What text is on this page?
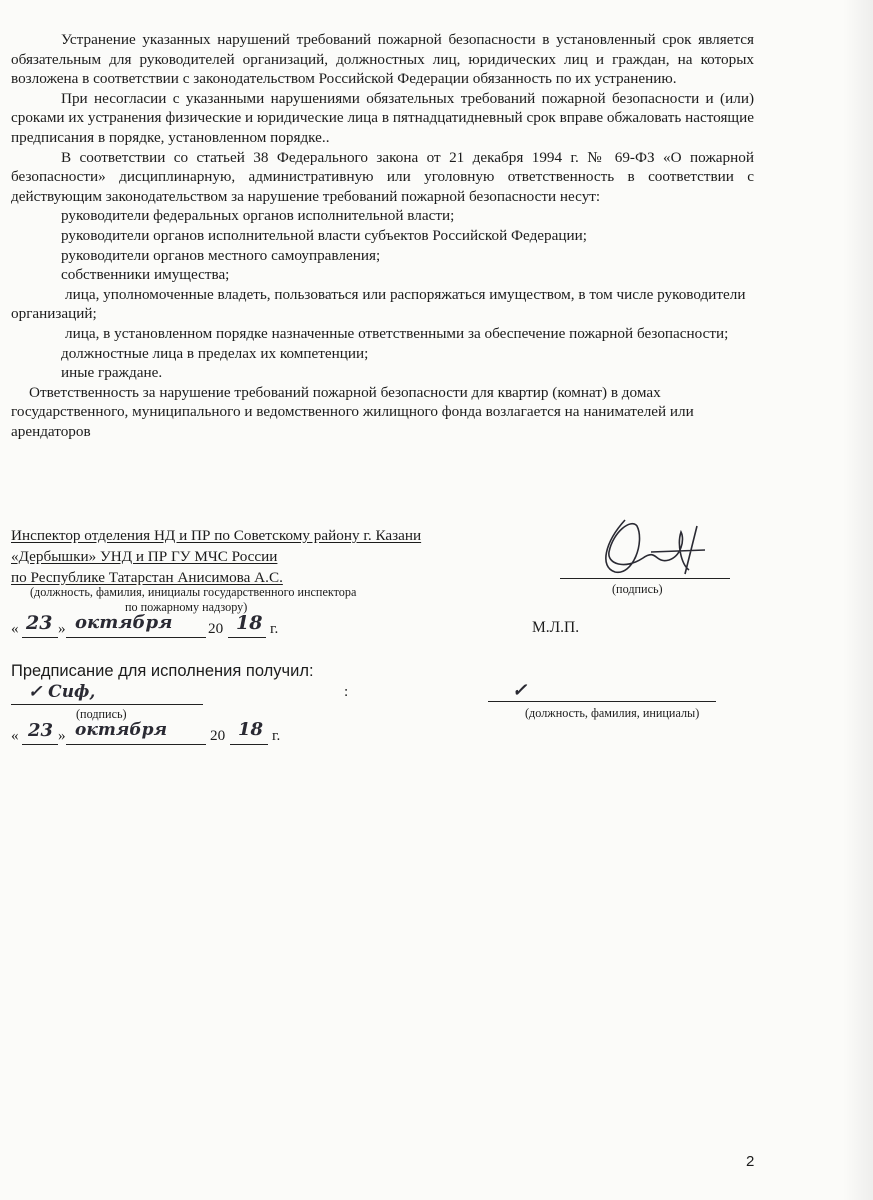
Устранение указанных нарушений требований пожарной безопасности в установленный срок является обязательным для руководителей организаций, должностных лиц, юридических лиц и граждан, на которых возложена в соответствии с законодательством Российской Федерации обязанность по их устранению.

При несогласии с указанными нарушениями обязательных требований пожарной безопасности и (или) сроками их устранения физические и юридические лица в пятнадцатидневный срок вправе обжаловать настоящие предписания в порядке, установленном порядке..

В соответствии со статьей 38 Федерального закона от 21 декабря 1994 г. № 69-ФЗ «О пожарной безопасности» дисциплинарную, административную или уголовную ответственность в соответствии с действующим законодательством за нарушение требований пожарной безопасности несут:

руководители федеральных органов исполнительной власти;

руководители органов исполнительной власти субъектов Российской Федерации;

руководители органов местного самоуправления;

собственники имущества;

лица, уполномоченные владеть, пользоваться или распоряжаться имуществом, в том числе руководители организаций;

лица, в установленном порядке назначенные ответственными за обеспечение пожарной безопасности;

должностные лица в пределах их компетенции;

иные граждане.

Ответственность за нарушение требований пожарной безопасности для квартир (комнат) в домах государственного, муниципального и ведомственного жилищного фонда возлагается на нанимателей или арендаторов

Инспектор отделения НД и ПР по Советскому району г. Казани
«Дербышки» УНД и ПР ГУ МЧС России
по Республике Татарстан Анисимова А.С.
(должность, фамилия, инициалы государственного инспектора
по пожарному надзору)
(подпись)
« 23 » октября 20 18 г.	М.Л.П.
Предписание для исполнения получил:
✓ Сиф,
(подпись)
:	✓
(должность, фамилия, инициалы)
« 23 » октября	20 18 г.
2
